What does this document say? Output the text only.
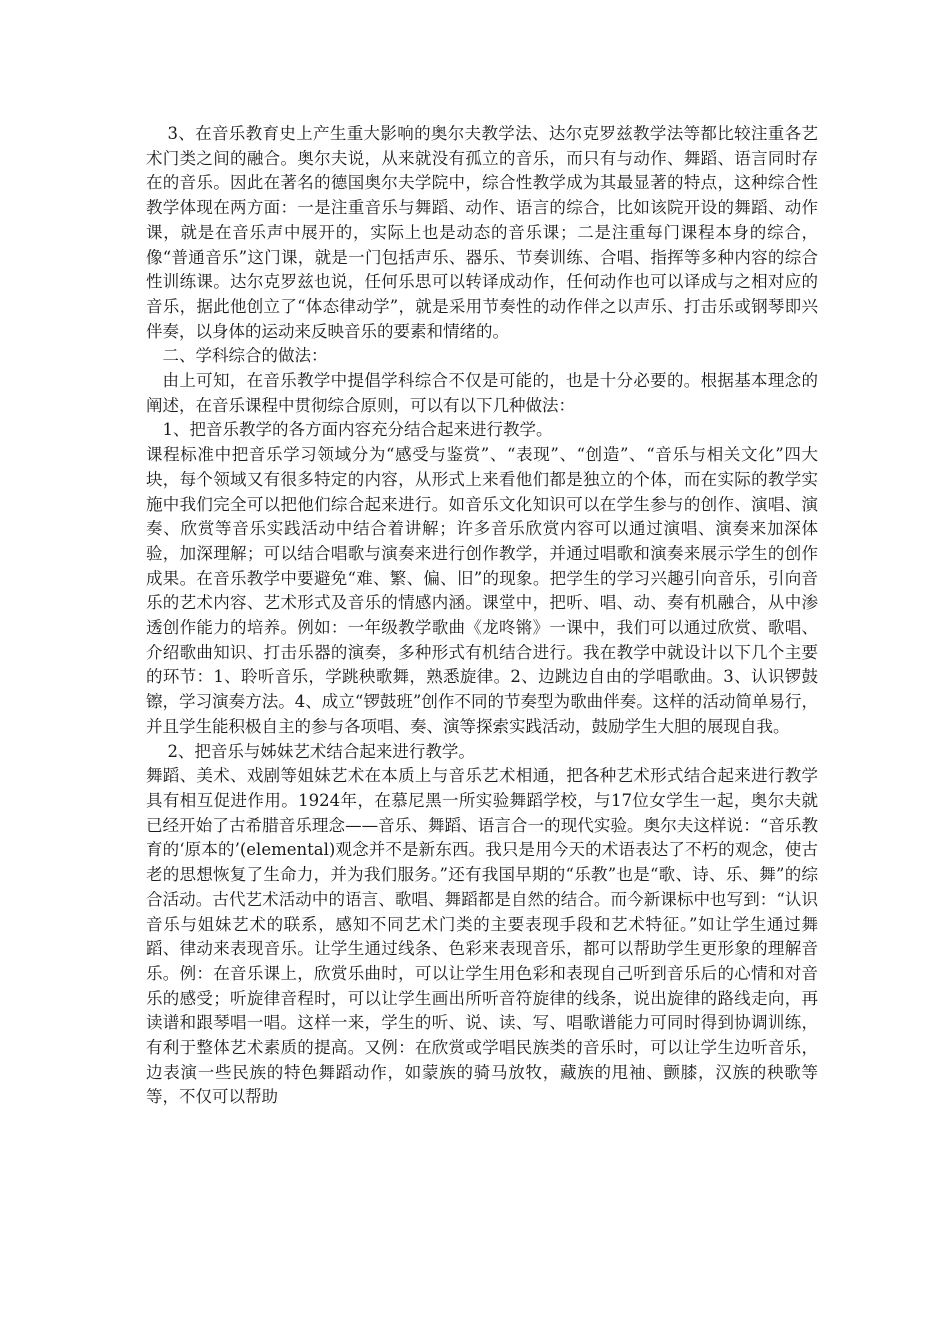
3、在音乐教育史上产生重大影响的奥尔夫教学法、达尔克罗兹教学法等都比较注重各艺术门类之间的融合。奥尔夫说，从来就没有孤立的音乐，而只有与动作、舞蹈、语言同时存在的音乐。因此在著名的德国奥尔夫学院中，综合性教学成为其最显著的特点，这种综合性教学体现在两方面：一是注重音乐与舞蹈、动作、语言的综合，比如该院开设的舞蹈、动作课，就是在音乐声中展开的，实际上也是动态的音乐课；二是注重每门课程本身的综合，像“普通音乐”这门课，就是一门包括声乐、器乐、节奏训练、合唱、指挥等多种内容的综合性训练课。达尔克罗兹也说，任何乐思可以转译成动作，任何动作也可以译成与之相对应的音乐，据此他创立了“体态律动学”，就是采用节奏性的动作伴之以声乐、打击乐或钢琴即兴伴奏，以身体的运动来反映音乐的要素和情绪的。

二、学科综合的做法：

由上可知，在音乐教学中提倡学科综合不仅是可能的，也是十分必要的。根据基本理念的阐述，在音乐课程中贯彻综合原则，可以有以下几种做法：

1、把音乐教学的各方面内容充分结合起来进行教学。

课程标准中把音乐学习领域分为“感受与鉴赏”、“表现”、“创造”、“音乐与相关文化”四大块，每个领域又有很多特定的内容，从形式上来看他们都是独立的个体，而在实际的教学实施中我们完全可以把他们综合起来进行。如音乐文化知识可以在学生参与的创作、演唱、演奏、欣赏等音乐实践活动中结合着讲解；许多音乐欣赏内容可以通过演唱、演奏来加深体验，加深理解；可以结合唱歌与演奏来进行创作教学，并通过唱歌和演奏来展示学生的创作成果。在音乐教学中要避免“难、繁、偏、旧”的现象。把学生的学习兴趣引向音乐，引向音乐的艺术内容、艺术形式及音乐的情感内涵。课堂中，把听、唱、动、奏有机融合，从中渗透创作能力的培养。例如：一年级教学歌曲《龙咚锵》一课中，我们可以通过欣赏、歌唱、介绍歌曲知识、打击乐器的演奏，多种形式有机结合进行。我在教学中就设计以下几个主要的环节：1、聆听音乐，学跳秧歌舞，熟悉旋律。2、边跳边自由的学唱歌曲。3、认识锣鼓镲，学习演奏方法。4、成立“锣鼓班”创作不同的节奏型为歌曲伴奏。这样的活动简单易行，并且学生能积极自主的参与各项唱、奏、演等探索实践活动，鼓励学生大胆的展现自我。

2、把音乐与姊妹艺术结合起来进行教学。

舞蹈、美术、戏剧等姐妹艺术在本质上与音乐艺术相通，把各种艺术形式结合起来进行教学具有相互促进作用。1924年，在慕尼黑一所实验舞蹈学校，与17位女学生一起，奥尔夫就已经开始了古希腊音乐理念——音乐、舞蹈、语言合一的现代实验。奥尔夫这样说：“音乐教育的‘原本的’(elemental)观念并不是新东西。我只是用今天的术语表达了不朽的观念，使古老的思想恢复了生命力，并为我们服务。”还有我国早期的“乐教”也是“歌、诗、乐、舞”的综合活动。古代艺术活动中的语言、歌唱、舞蹈都是自然的结合。而今新课标中也写到：“认识音乐与姐妹艺术的联系，感知不同艺术门类的主要表现手段和艺术特征。”如让学生通过舞蹈、律动来表现音乐。让学生通过线条、色彩来表现音乐，都可以帮助学生更形象的理解音乐。例：在音乐课上，欣赏乐曲时，可以让学生用色彩和表现自己听到音乐后的心情和对音乐的感受；听旋律音程时，可以让学生画出所听音符旋律的线条，说出旋律的路线走向，再读谱和跟琴唱一唱。这样一来，学生的听、说、读、写、唱歌谱能力可同时得到协调训练，有利于整体艺术素质的提高。又例：在欣赏或学唱民族类的音乐时，可以让学生边听音乐，边表演一些民族的特色舞蹈动作，如蒙族的骑马放牧，藏族的甩袖、颤膝，汉族的秧歌等等，不仅可以帮助
